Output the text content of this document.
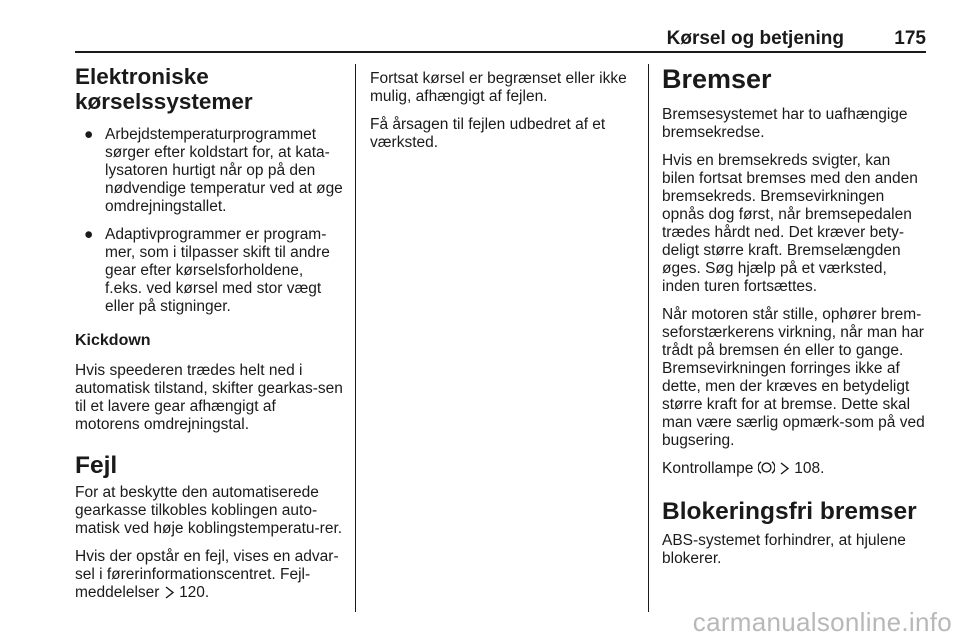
Kørsel og betjening	175
Elektroniske
kørselssystemer
● Arbejdstemperaturprogrammet sørger efter koldstart for, at kata-lysatoren hurtigt når op på den nødvendige temperatur ved at øge omdrejningstallet.
● Adaptivprogrammer er program-mer, som i tilpasser skift til andre gear efter kørselsforholdene, f.eks. ved kørsel med stor vægt eller på stigninger.
Kickdown

Hvis speederen trædes helt ned i automatisk tilstand, skifter gearkas-sen til et lavere gear afhængigt af motorens omdrejningstal.

Fejl

For at beskytte den automatiserede gearkasse tilkobles koblingen auto-matisk ved høje koblingstemperatu-rer.

Hvis der opstår en fejl, vises en advar-sel i førerinformationscentret. Fejl-meddelelser 120.

Fortsat kørsel er begrænset eller ikke mulig, afhængigt af fejlen.

Få årsagen til fejlen udbedret af et værksted.

Bremser

Bremsesystemet har to uafhængige bremsekredse.

Hvis en bremsekreds svigter, kan bilen fortsat bremses med den anden bremsekreds. Bremsevirkningen opnås dog først, når bremsepedalen trædes hårdt ned. Det kræver bety-deligt større kraft. Bremselængden øges. Søg hjælp på et værksted, inden turen fortsættes.

Når motoren står stille, ophører brem-seforstærkerens virkning, når man har trådt på bremsen én eller to gange. Bremsevirkningen forringes ikke af dette, men der kræves en betydeligt større kraft for at bremse. Dette skal man være særlig opmærk-som på ved bugsering.

Kontrollampe	108.

Blokeringsfri bremser

ABS-systemet forhindrer, at hjulene blokerer.

carmanualsonline.info
